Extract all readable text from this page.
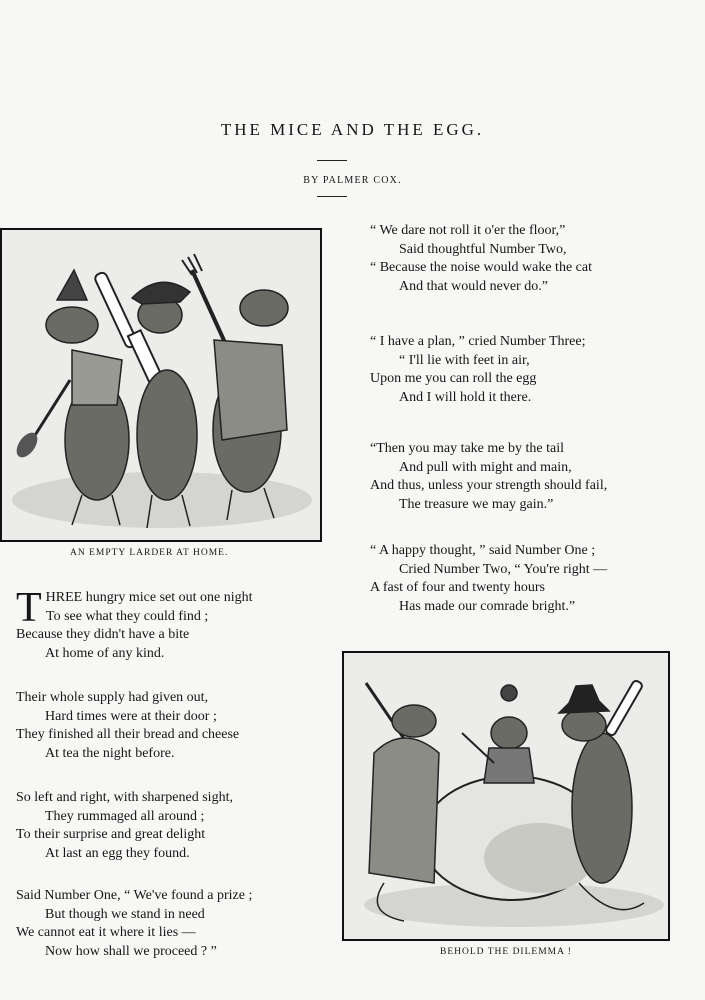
THE MICE AND THE EGG.
BY PALMER COX.
AN EMPTY LARDER AT HOME.
T HREE hungry mice set out one night
To see what they could find ;
Because they didn't have a bite
At home of any kind.
Their whole supply had given out,
Hard times were at their door ;
They finished all their bread and cheese
At tea the night before.
So left and right, with sharpened sight,
They rummaged all around ;
To their surprise and great delight
At last an egg they found.
Said Number One, “ We've found a prize ;
But though we stand in need
We cannot eat it where it lies —
Now how shall we proceed ? ”
“ We dare not roll it o'er the floor,”
Said thoughtful Number Two,
“ Because the noise would wake the cat
And that would never do.”
“ I have a plan, ” cried Number Three;
“ I'll lie with feet in air,
Upon me you can roll the egg
And I will hold it there.
“Then you may take me by the tail
And pull with might and main,
And thus, unless your strength should fail,
The treasure we may gain.”
“ A happy thought, ” said Number One ;
Cried Number Two, “ You're right —
A fast of four and twenty hours
Has made our comrade bright.”
BEHOLD THE DILEMMA !
